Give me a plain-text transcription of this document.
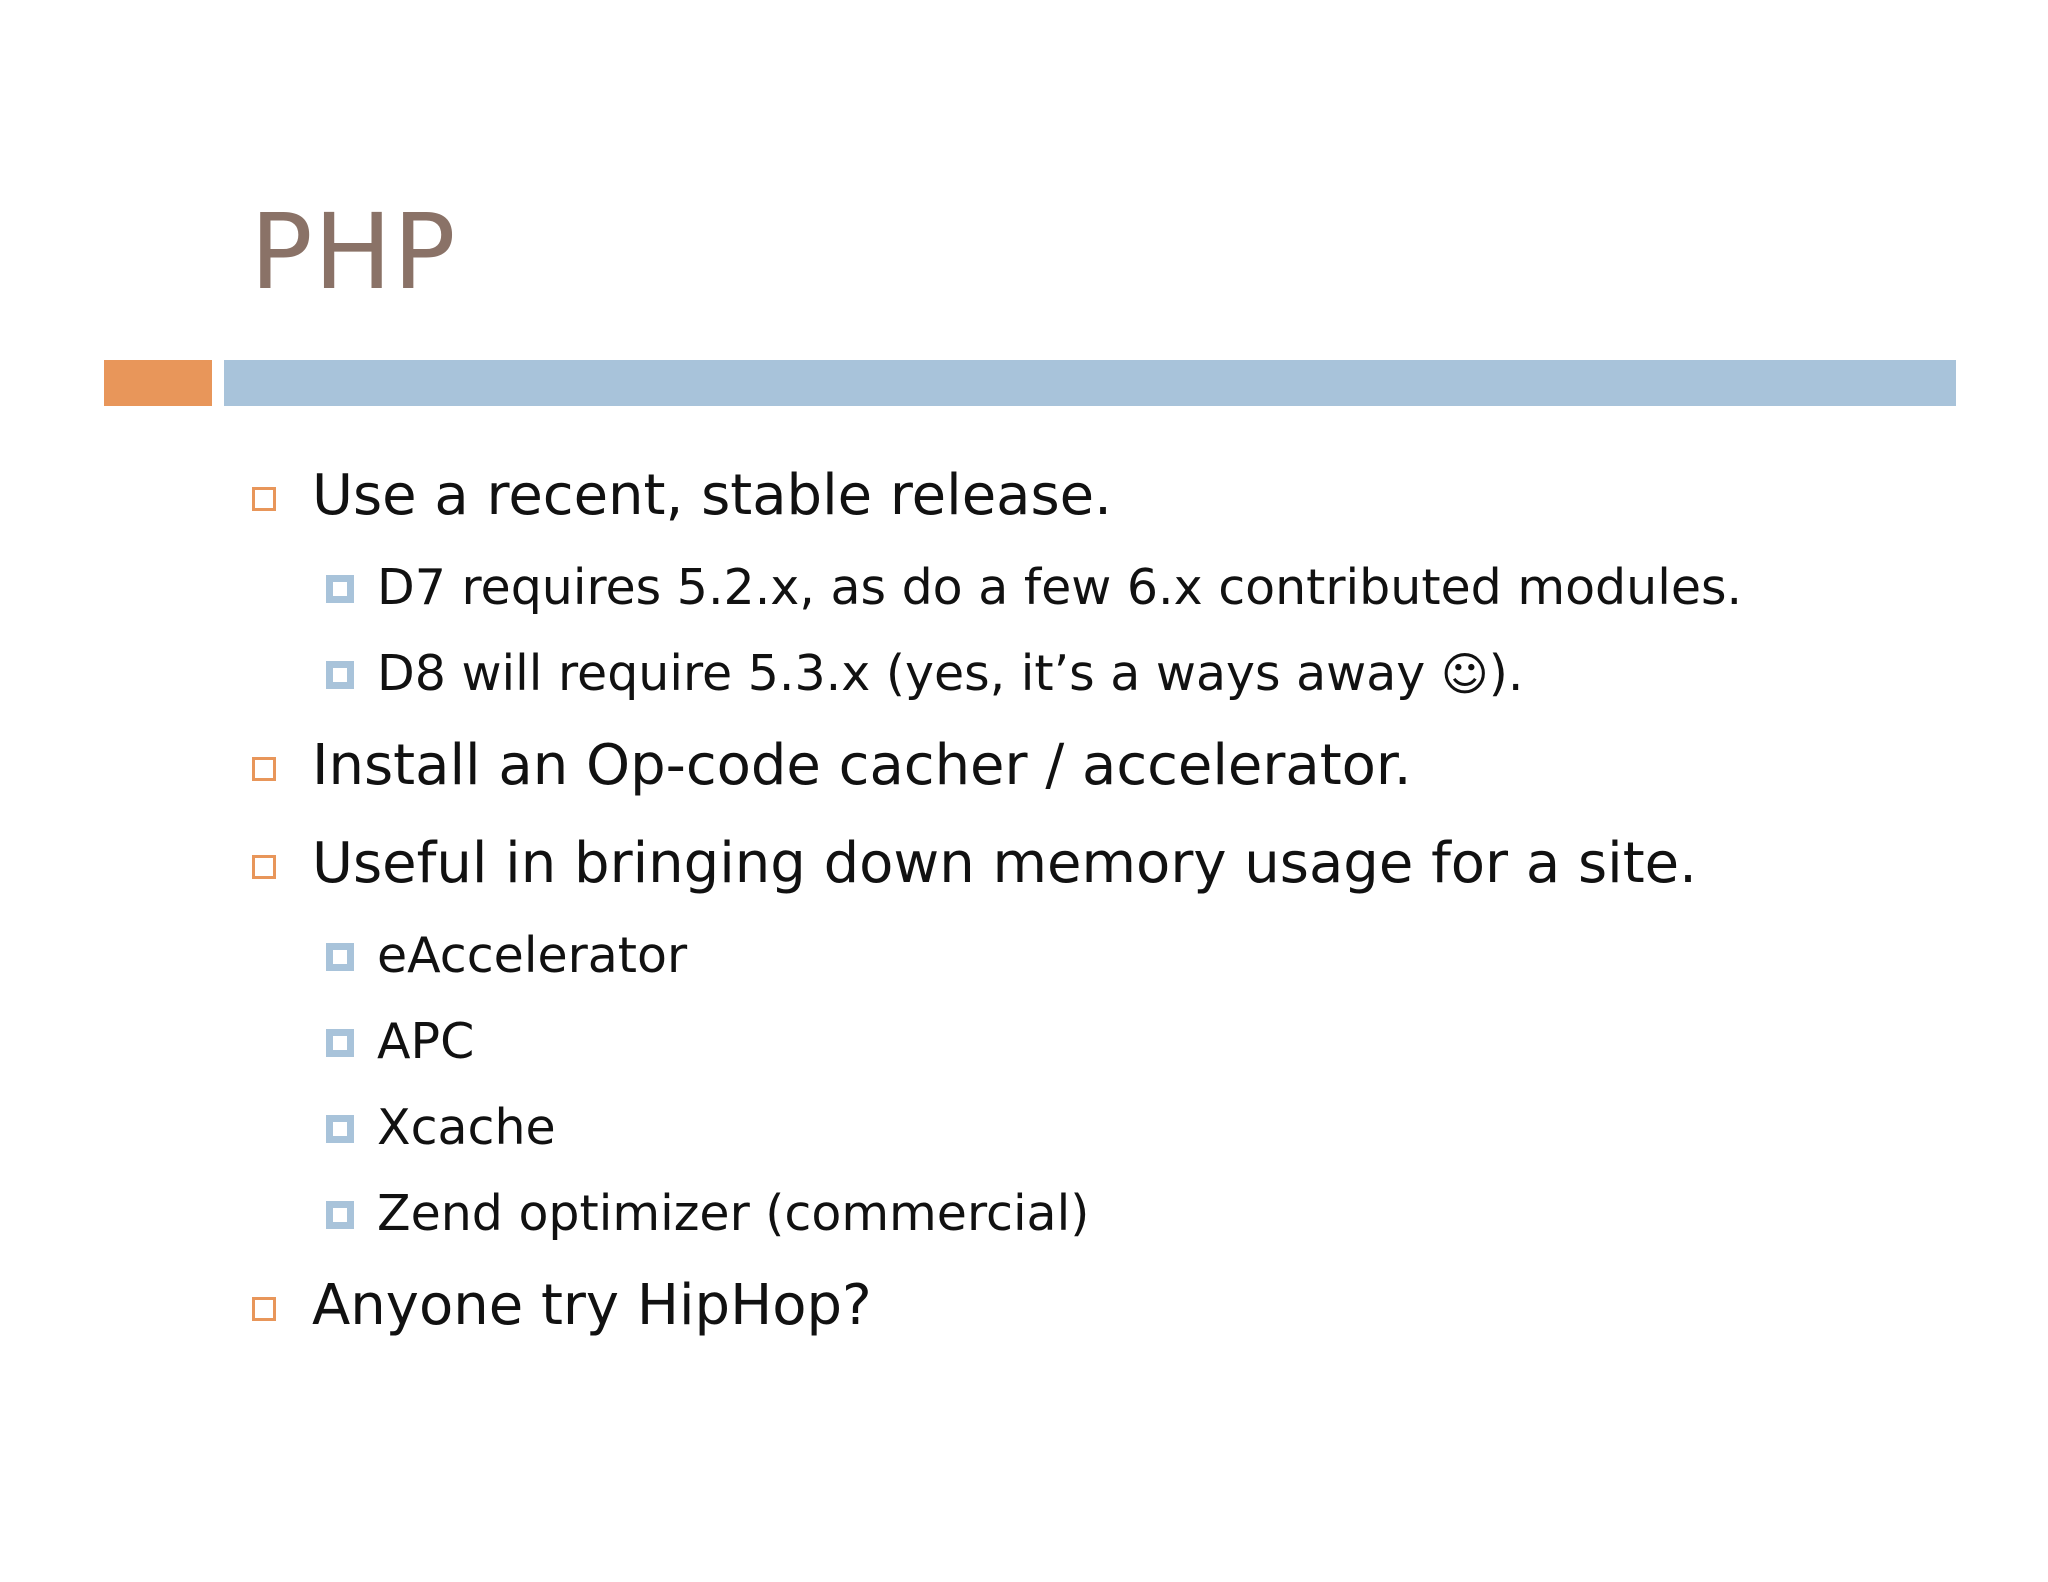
PHP
Use a recent, stable release.
D7 requires 5.2.x, as do a few 6.x contributed modules.
D8 will require 5.3.x (yes, it’s a ways away ☺).
Install an Op-code cacher / accelerator.
Useful in bringing down memory usage for a site.
eAccelerator
APC
Xcache
Zend optimizer (commercial)
Anyone try HipHop?
